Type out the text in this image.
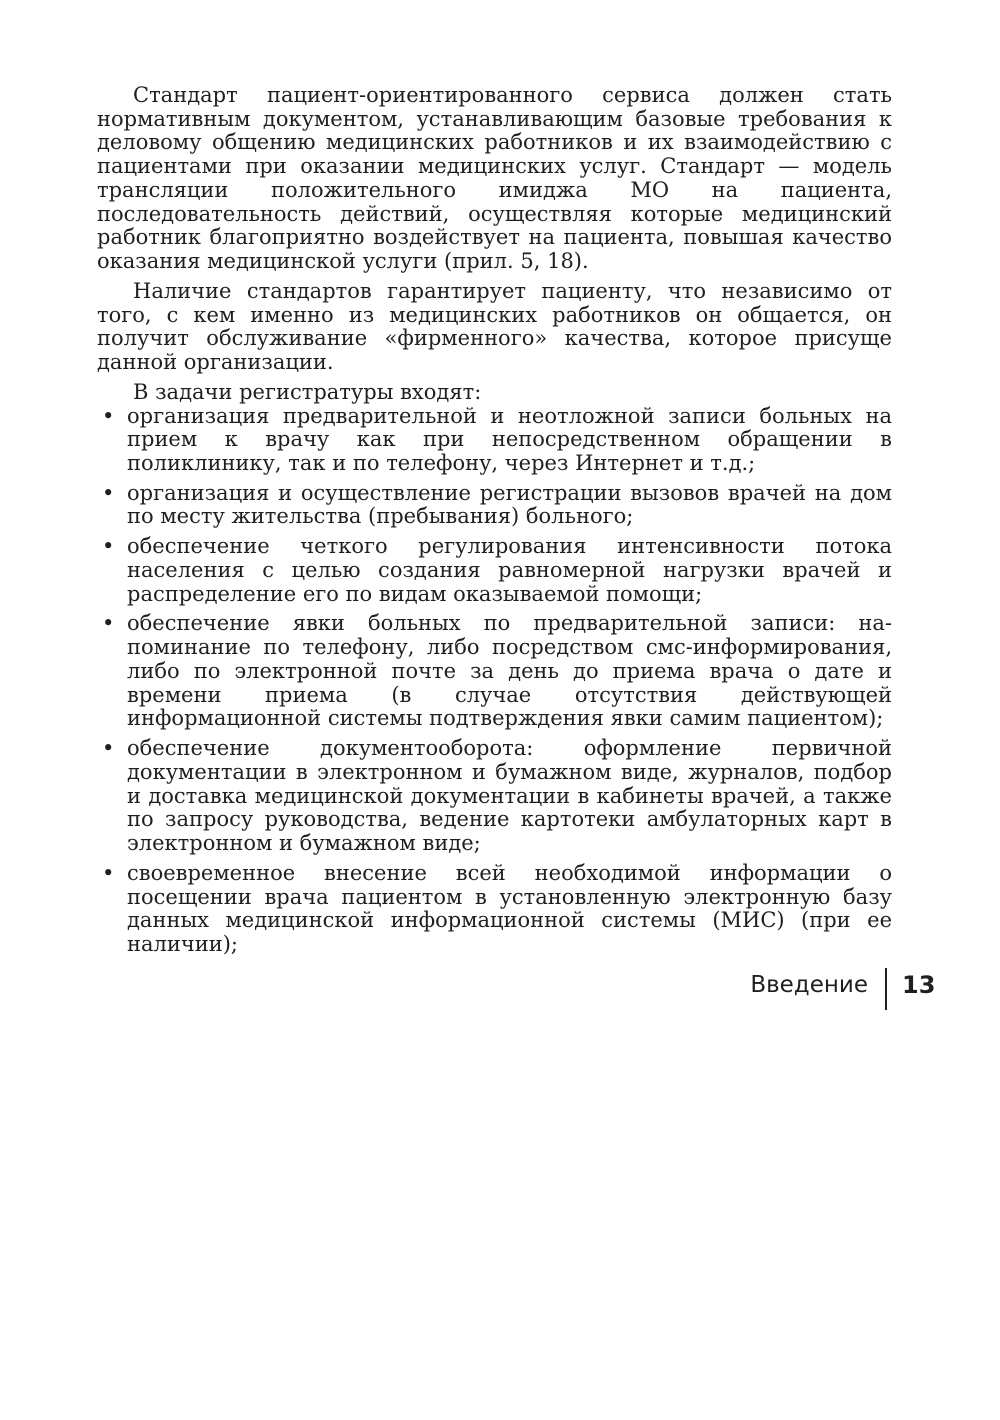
Стандарт пациент-ориентированного сервиса должен стать нормативным документом, устанавливающим базовые требования к деловому общению медицинских работников и их взаимодействию с пациентами при оказании медицинских услуг. Стандарт — модель трансляции положительного имиджа МО на пациента, последовательность действий, осуществляя которые медицинский работник благоприятно воздействует на пациента, повышая качество оказания медицинской услуги (прил. 5, 18).

Наличие стандартов гарантирует пациенту, что независимо от того, с кем именно из медицинских работников он общается, он получит обслуживание «фирменного» качества, которое присуще данной организации.

В задачи регистратуры входят:

• организация предварительной и неотложной записи больных на прием к врачу как при непосредственном обращении в поликлинику, так и по телефону, через Интернет и т.д.;
• организация и осуществление регистрации вызовов врачей на дом по месту жительства (пребывания) больного;
• обеспечение четкого регулирования интенсивности потока населения с целью создания равномерной нагрузки врачей и распределение его по видам оказываемой помощи;
• обеспечение явки больных по предварительной записи: напоминание по телефону, либо посредством смс-информирования, либо по электронной почте за день до приема врача о дате и времени приема (в случае отсутствия действующей информационной системы подтверждения явки самим пациентом);
• обеспечение документооборота: оформление первичной документации в электронном и бумажном виде, журналов, подбор и доставка медицинской документации в кабинеты врачей, а также по запросу руководства, ведение картотеки амбулаторных карт в электронном и бумажном виде;
• своевременное внесение всей необходимой информации о посещении врача пациентом в установленную электронную базу данных медицинской информационной системы (МИС) (при ее наличии);
Введение 13
